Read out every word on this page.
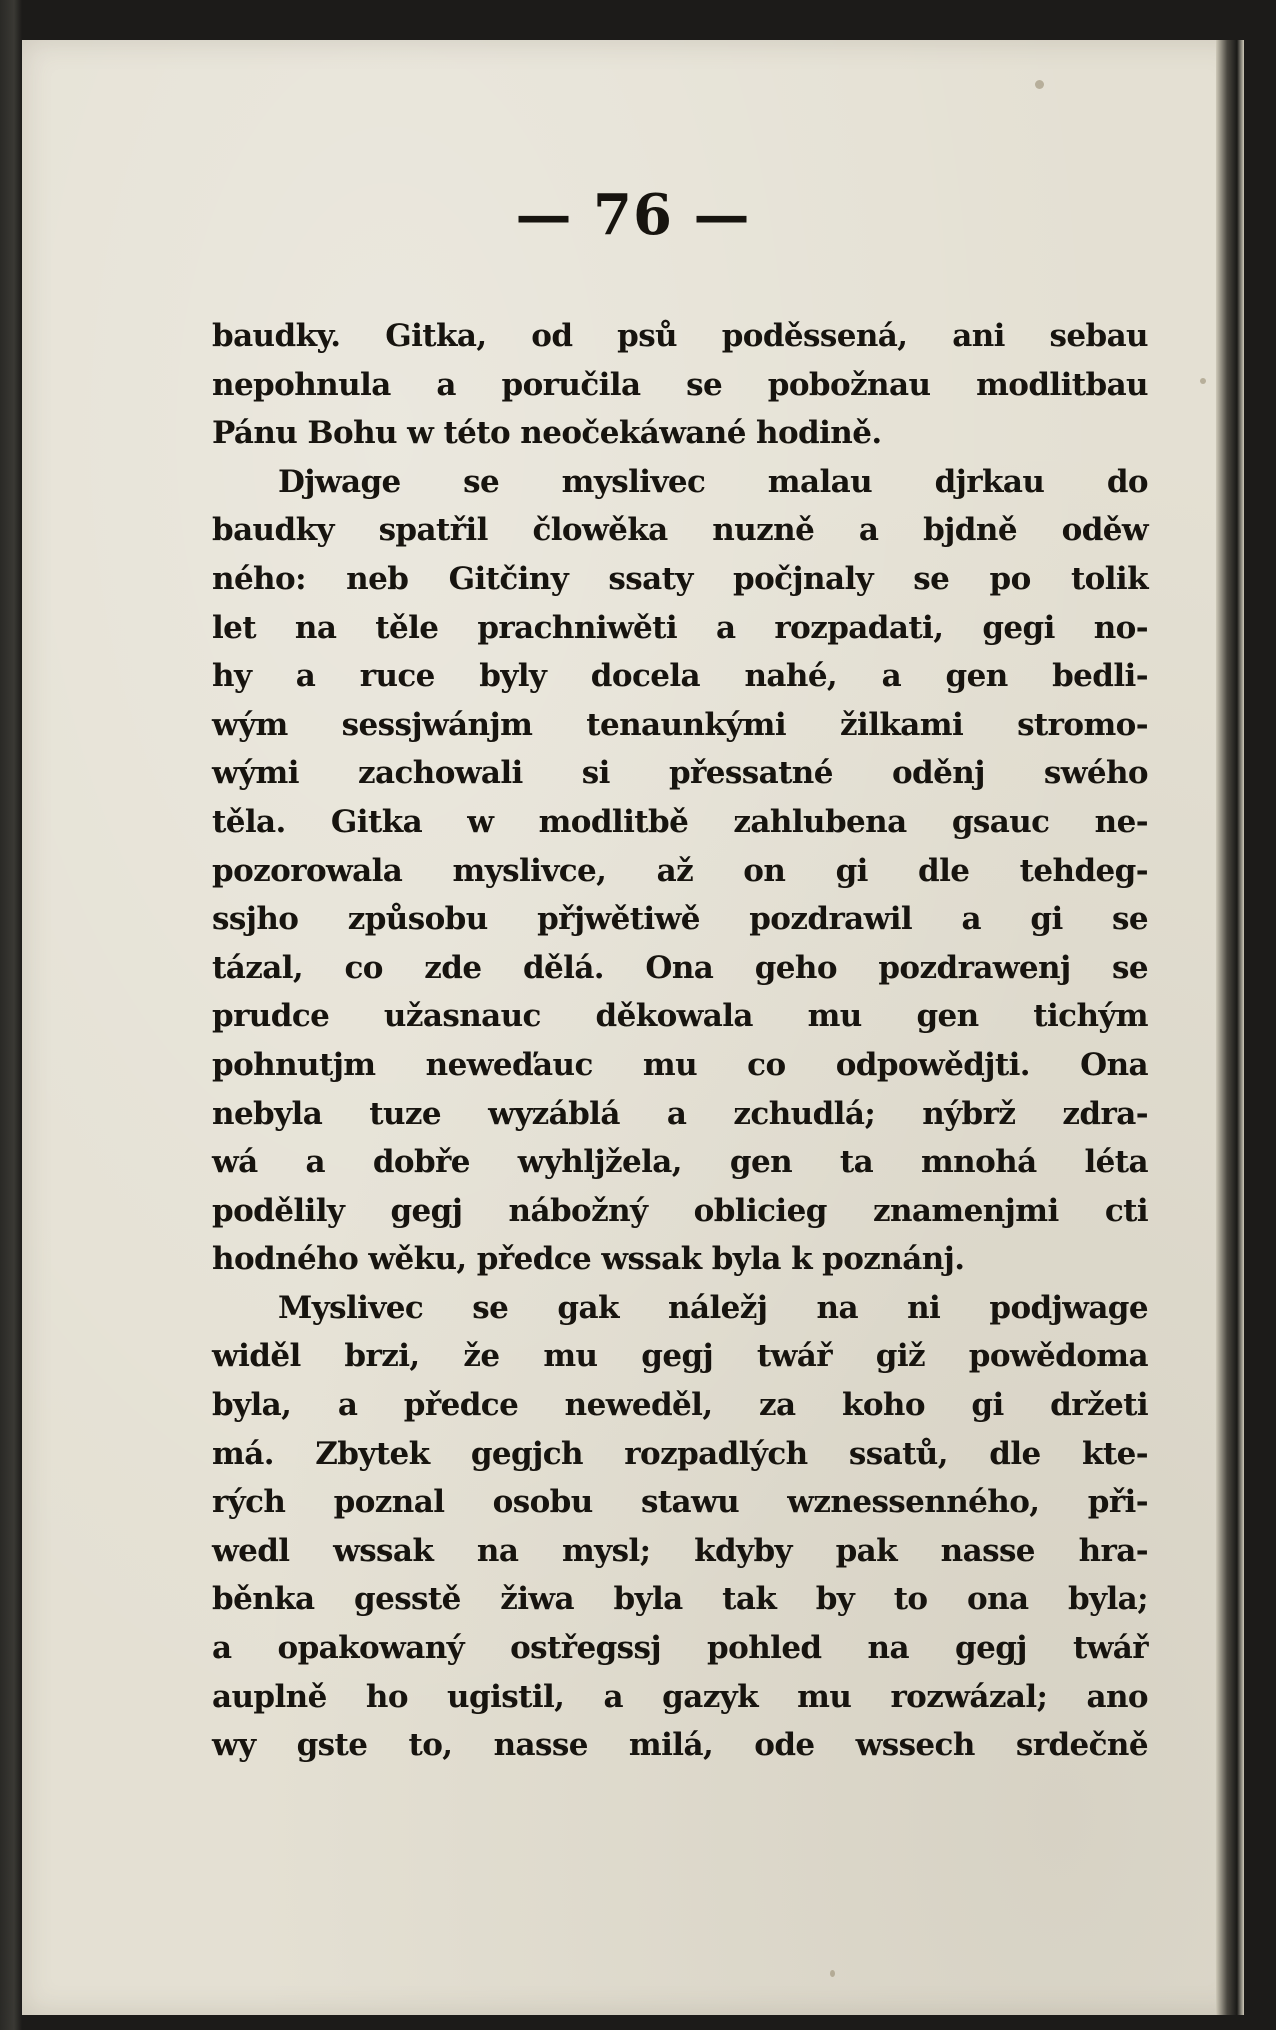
— 76 —
baudky. Gitka, od psů poděssená, ani sebau
nepohnula a poručila se pobožnau modlitbau
Pánu Bohu w této neočekáwané hodině.
Djwage se myslivec malau djrkau do
baudky spatřil člowěka nuzně a bjdně oděw
ného: neb Gitčiny ssaty počjnaly se po tolik
let na těle prachniwěti a rozpadati, gegi no-
hy a ruce byly docela nahé, a gen bedli-
wým sessjwánjm tenaunkými žilkami stromo-
wými zachowali si přessatné oděnj swého
těla. Gitka w modlitbě zahlubena gsauc ne-
pozorowala myslivce, až on gi dle tehdeg-
ssjho způsobu přjwětiwě pozdrawil a gi se
tázal, co zde dělá. Ona geho pozdrawenj se
prudce užasnauc děkowala mu gen tichým
pohnutjm neweďauc mu co odpowědjti. Ona
nebyla tuze wyzáblá a zchudlá; nýbrž zdra-
wá a dobře wyhljžela, gen ta mnohá léta
podělily gegj nábožný oblicieg znamenjmi cti
hodného wěku, předce wssak byla k poznánj.
Myslivec se gak náležj na ni podjwage
widěl brzi, že mu gegj twář giž powědoma
byla, a předce neweděl, za koho gi držeti
má. Zbytek gegjch rozpadlých ssatů, dle kte-
rých poznal osobu stawu wznessenného, při-
wedl wssak na mysl; kdyby pak nasse hra-
běnka gesstě žiwa byla tak by to ona byla;
a opakowaný ostřegssj pohled na gegj twář
auplně ho ugistil, a gazyk mu rozwázal; ano
wy gste to, nasse milá, ode wssech srdečně
